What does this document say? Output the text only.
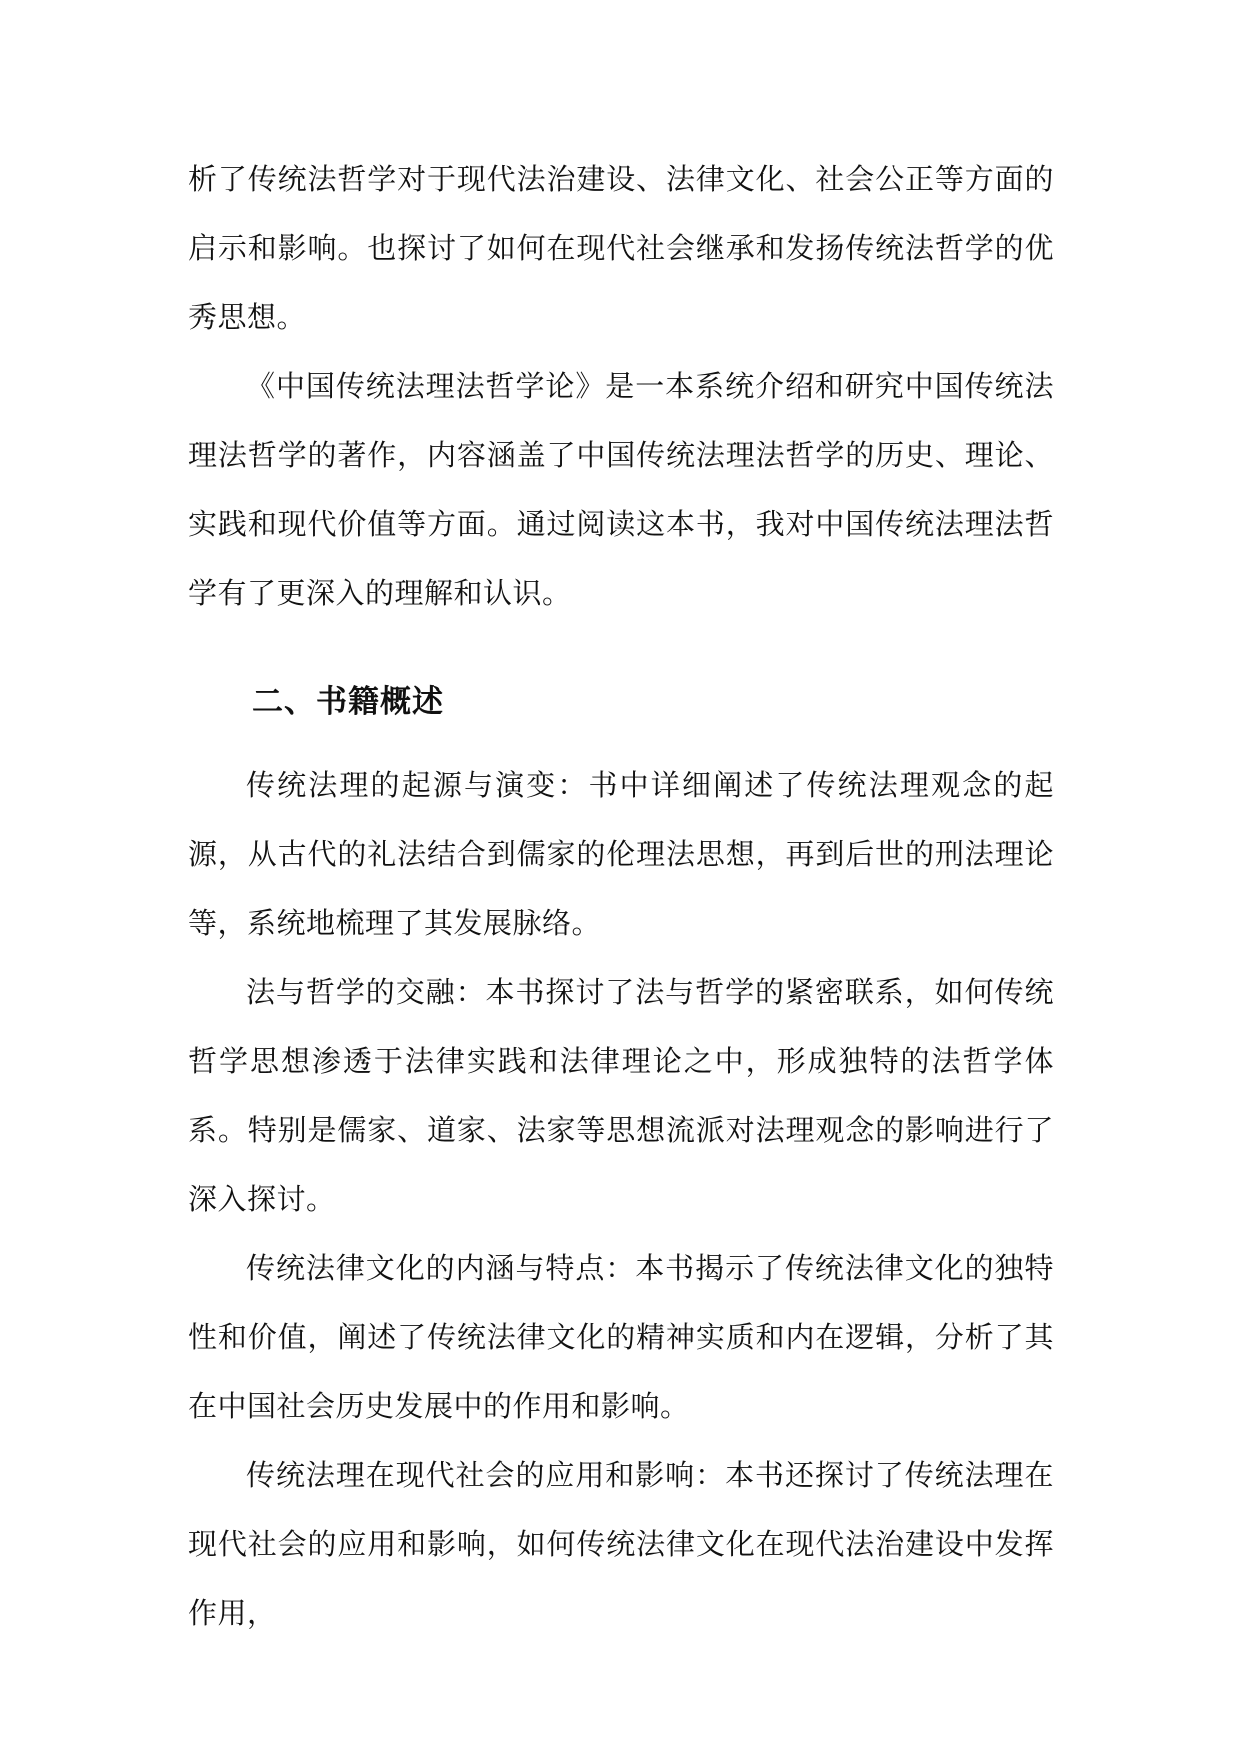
析了传统法哲学对于现代法治建设、法律文化、社会公正等方面的启示和影响。也探讨了如何在现代社会继承和发扬传统法哲学的优秀思想。

《中国传统法理法哲学论》是一本系统介绍和研究中国传统法理法哲学的著作，内容涵盖了中国传统法理法哲学的历史、理论、实践和现代价值等方面。通过阅读这本书，我对中国传统法理法哲学有了更深入的理解和认识。

二、书籍概述

传统法理的起源与演变：书中详细阐述了传统法理观念的起源，从古代的礼法结合到儒家的伦理法思想，再到后世的刑法理论等，系统地梳理了其发展脉络。

法与哲学的交融：本书探讨了法与哲学的紧密联系，如何传统哲学思想渗透于法律实践和法律理论之中，形成独特的法哲学体系。特别是儒家、道家、法家等思想流派对法理观念的影响进行了深入探讨。

传统法律文化的内涵与特点：本书揭示了传统法律文化的独特性和价值，阐述了传统法律文化的精神实质和内在逻辑，分析了其在中国社会历史发展中的作用和影响。

传统法理在现代社会的应用和影响：本书还探讨了传统法理在现代社会的应用和影响，如何传统法律文化在现代法治建设中发挥作用，
